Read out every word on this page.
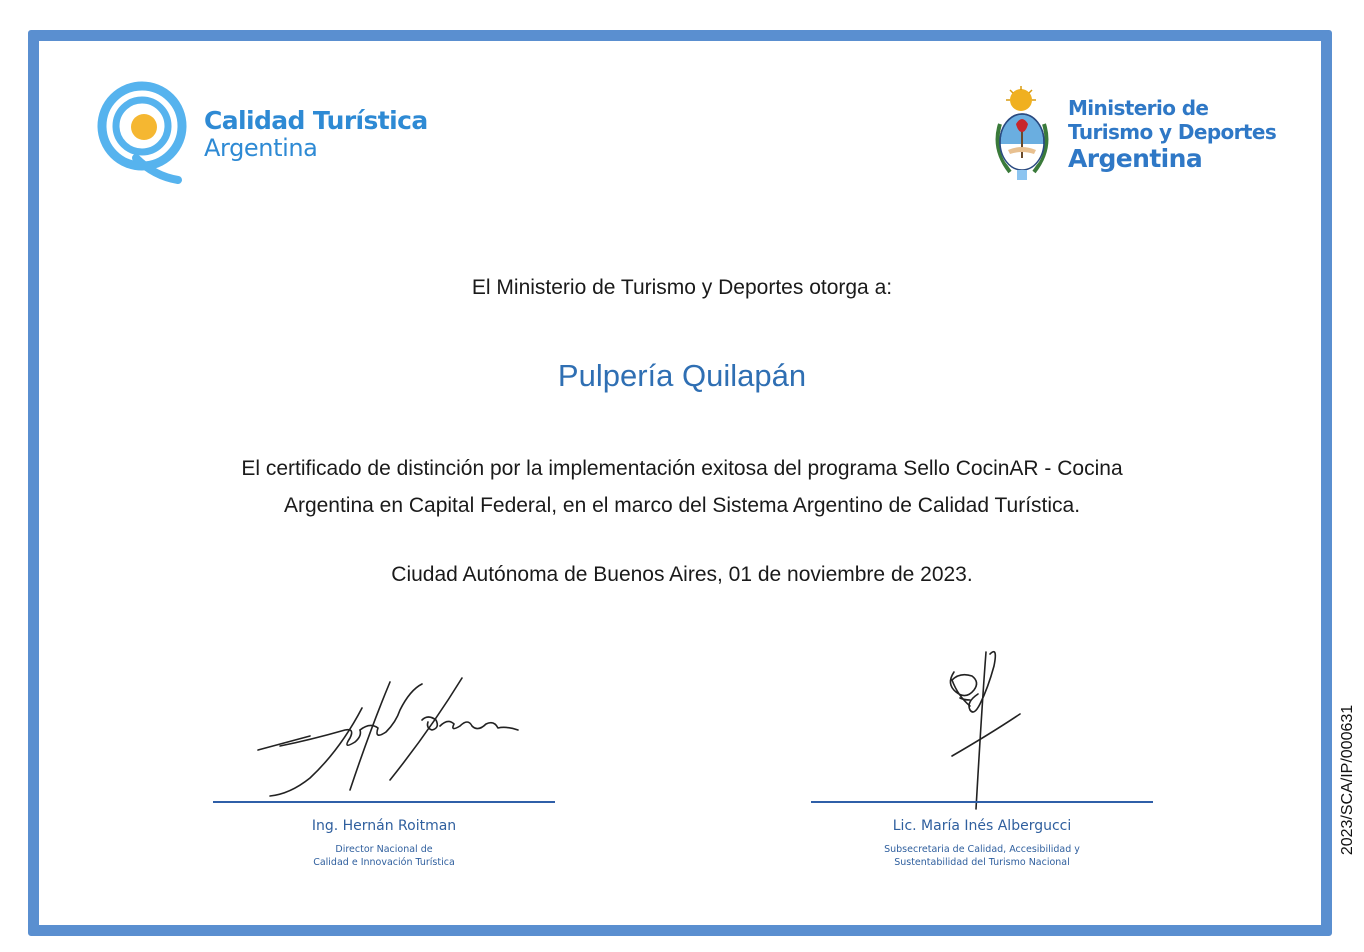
Calidad Turística
Argentina
Ministerio de
Turismo y Deportes
Argentina
El Ministerio de Turismo y Deportes otorga a:
Pulpería Quilapán
El certificado de distinción por la implementación exitosa del programa Sello CocinAR - Cocina
Argentina en Capital Federal, en el marco del Sistema Argentino de Calidad Turística.
Ciudad Autónoma de Buenos Aires, 01 de noviembre de 2023.
Ing. Hernán Roitman
Director Nacional de
Calidad e Innovación Turística
Lic. María Inés Albergucci
Subsecretaria de Calidad, Accesibilidad y
Sustentabilidad del Turismo Nacional
2023/SCA/IP/000631
